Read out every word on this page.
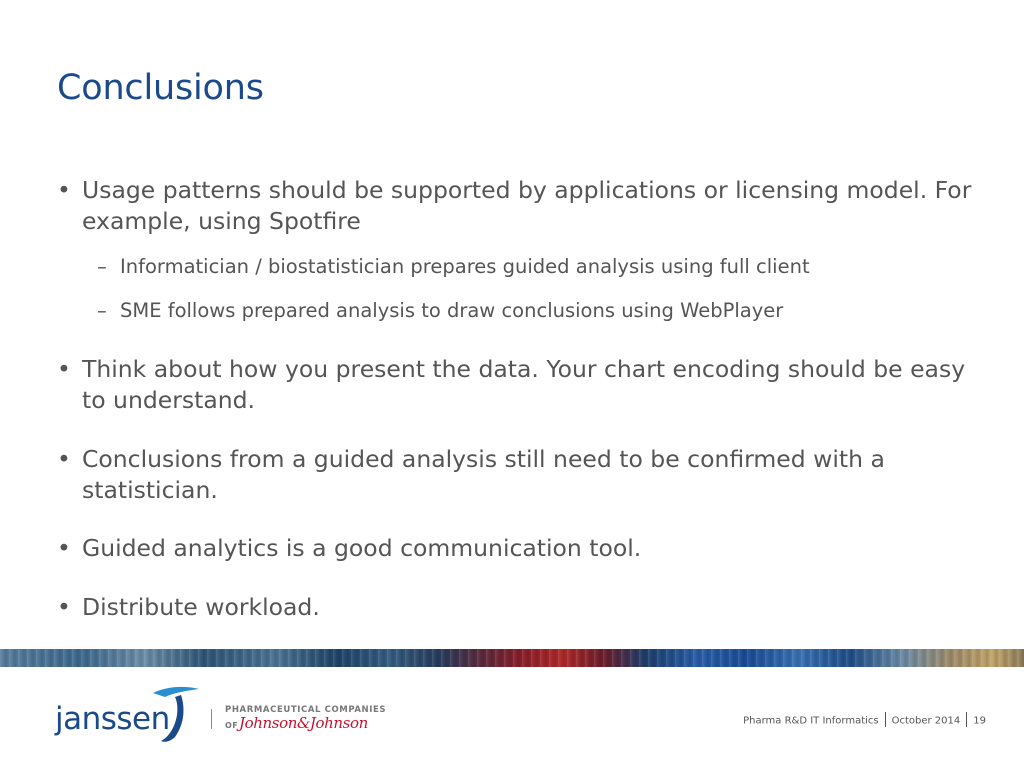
Conclusions
• Usage patterns should be supported by applications or licensing model. For example, using Spotfire
– Informatician / biostatistician prepares guided analysis using full client
– SME follows prepared analysis to draw conclusions using WebPlayer
• Think about how you present the data. Your chart encoding should be easy to understand.
• Conclusions from a guided analysis still need to be confirmed with a statistician.
• Guided analytics is a good communication tool.
• Distribute workload.
janssen	PHARMACEUTICAL COMPANIES
OF Johnson&Johnson	Pharma R&D IT Informatics October 2014 19
